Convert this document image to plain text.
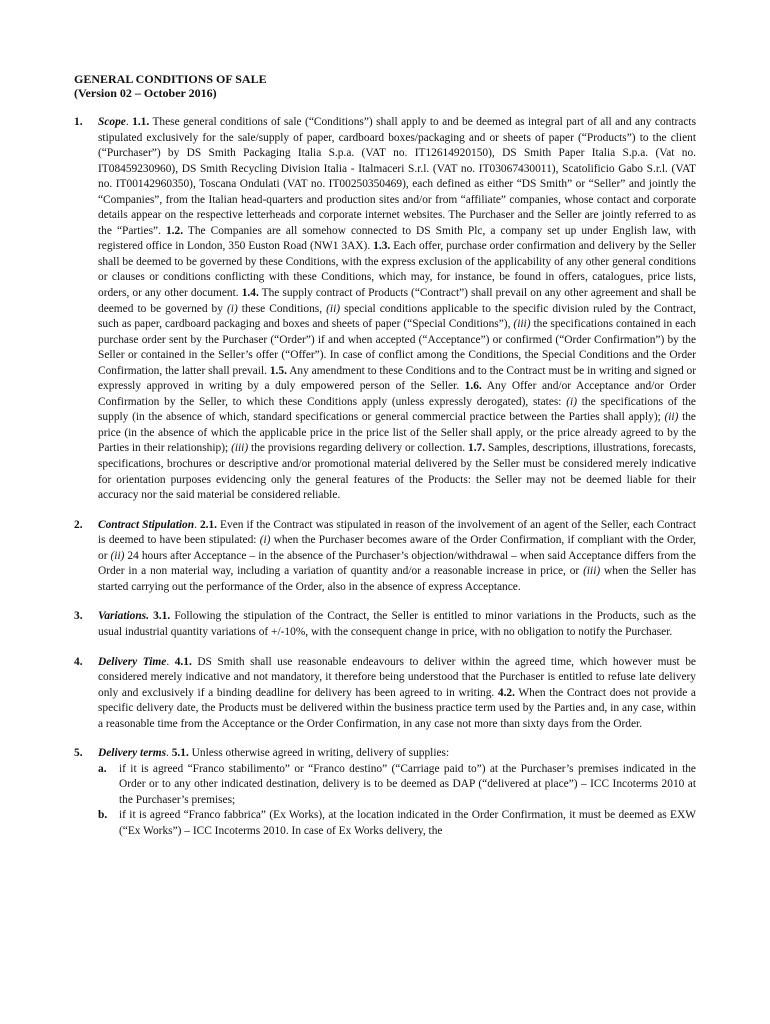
GENERAL CONDITIONS OF SALE
(Version 02 – October 2016)
1.	Scope. 1.1. These general conditions of sale (“Conditions”) shall apply to and be deemed as integral part of all and any contracts stipulated exclusively for the sale/supply of paper, cardboard boxes/packaging and or sheets of paper (“Products”) to the client (“Purchaser”) by DS Smith Packaging Italia S.p.a. (VAT no. IT12614920150), DS Smith Paper Italia S.p.a. (Vat no. IT08459230960), DS Smith Recycling Division Italia - Italmaceri S.r.l. (VAT no. IT03067430011), Scatolificio Gabo S.r.l. (VAT no. IT00142960350), Toscana Ondulati (VAT no. IT00250350469), each defined as either “DS Smith” or “Seller” and jointly the “Companies”, from the Italian head-quarters and production sites and/or from “affiliate” companies, whose contact and corporate details appear on the respective letterheads and corporate internet websites. The Purchaser and the Seller are jointly referred to as the “Parties”. 1.2. The Companies are all somehow connected to DS Smith Plc, a company set up under English law, with registered office in London, 350 Euston Road (NW1 3AX). 1.3. Each offer, purchase order confirmation and delivery by the Seller shall be deemed to be governed by these Conditions, with the express exclusion of the applicability of any other general conditions or clauses or conditions conflicting with these Conditions, which may, for instance, be found in offers, catalogues, price lists, orders, or any other document. 1.4. The supply contract of Products (“Contract”) shall prevail on any other agreement and shall be deemed to be governed by (i) these Conditions, (ii) special conditions applicable to the specific division ruled by the Contract, such as paper, cardboard packaging and boxes and sheets of paper (“Special Conditions”), (iii) the specifications contained in each purchase order sent by the Purchaser (“Order”) if and when accepted (“Acceptance”) or confirmed (“Order Confirmation”) by the Seller or contained in the Seller’s offer (“Offer”). In case of conflict among the Conditions, the Special Conditions and the Order Confirmation, the latter shall prevail. 1.5. Any amendment to these Conditions and to the Contract must be in writing and signed or expressly approved in writing by a duly empowered person of the Seller. 1.6. Any Offer and/or Acceptance and/or Order Confirmation by the Seller, to which these Conditions apply (unless expressly derogated), states: (i) the specifications of the supply (in the absence of which, standard specifications or general commercial practice between the Parties shall apply); (ii) the price (in the absence of which the applicable price in the price list of the Seller shall apply, or the price already agreed to by the Parties in their relationship); (iii) the provisions regarding delivery or collection. 1.7. Samples, descriptions, illustrations, forecasts, specifications, brochures or descriptive and/or promotional material delivered by the Seller must be considered merely indicative for orientation purposes evidencing only the general features of the Products: the Seller may not be deemed liable for their accuracy nor the said material be considered reliable.
2.	Contract Stipulation. 2.1. Even if the Contract was stipulated in reason of the involvement of an agent of the Seller, each Contract is deemed to have been stipulated: (i) when the Purchaser becomes aware of the Order Confirmation, if compliant with the Order, or (ii) 24 hours after Acceptance – in the absence of the Purchaser’s objection/withdrawal – when said Acceptance differs from the Order in a non material way, including a variation of quantity and/or a reasonable increase in price, or (iii) when the Seller has started carrying out the performance of the Order, also in the absence of express Acceptance.
3.	Variations. 3.1. Following the stipulation of the Contract, the Seller is entitled to minor variations in the Products, such as the usual industrial quantity variations of +/-10%, with the consequent change in price, with no obligation to notify the Purchaser.
4.	Delivery Time. 4.1. DS Smith shall use reasonable endeavours to deliver within the agreed time, which however must be considered merely indicative and not mandatory, it therefore being understood that the Purchaser is entitled to refuse late delivery only and exclusively if a binding deadline for delivery has been agreed to in writing. 4.2. When the Contract does not provide a specific delivery date, the Products must be delivered within the business practice term used by the Parties and, in any case, within a reasonable time from the Acceptance or the Order Confirmation, in any case not more than sixty days from the Order.
5.	Delivery terms. 5.1. Unless otherwise agreed in writing, delivery of supplies:
a.	if it is agreed “Franco stabilimento” or “Franco destino” (“Carriage paid to”) at the Purchaser’s premises indicated in the Order or to any other indicated destination, delivery is to be deemed as DAP (“delivered at place”) – ICC Incoterms 2010 at the Purchaser’s premises;
b.	if it is agreed “Franco fabbrica” (Ex Works), at the location indicated in the Order Confirmation, it must be deemed as EXW (“Ex Works”) – ICC Incoterms 2010. In case of Ex Works delivery, the
